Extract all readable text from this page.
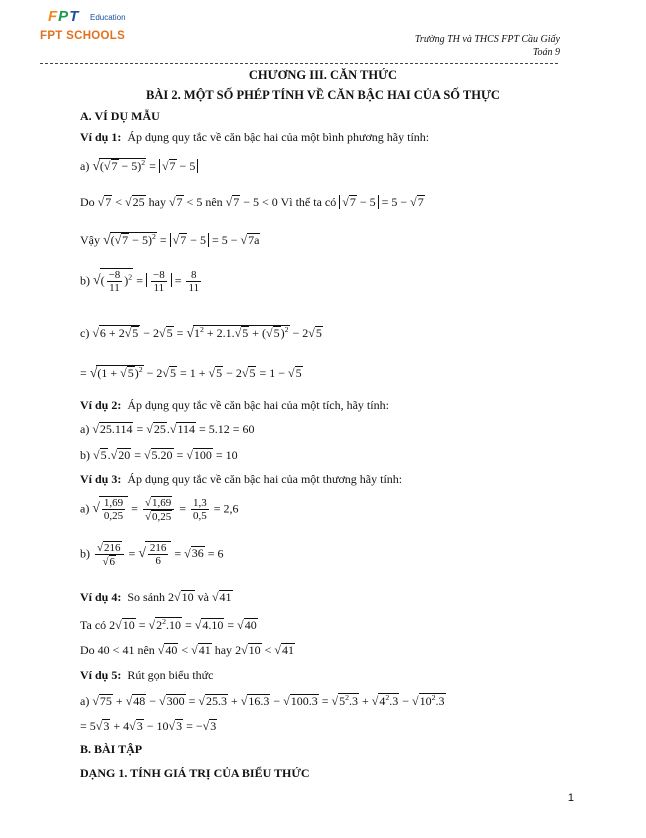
FPT Education
FPT SCHOOLS	Trường TH và THCS FPT Cầu Giấy
Toán 9
CHƯƠNG III. CĂN THỨC
BÀI 2. MỘT SỐ PHÉP TÍNH VỀ CĂN BẬC HAI CỦA SỐ THỰC
A. VÍ DỤ MẪU
Ví dụ 1: Áp dụng quy tắc về căn bậc hai của một bình phương hãy tính:
a) $√(√7 - 5)^2 = √7 - 5$
Do √7 < √25 hay √7 < 5 nên √7 − 5 < 0 Vì thế ta có √7 − 5 = 5 − √7
Vậy $√(√7 - 5)^2 = √7 - 5 = 5 - √7a$
b) √( $\frac{-8}{11} )^2 = \frac{-8}{11} = \frac{8}{11}$
c) $√6 + 2√5 - 2√5 = √1^2 + 2.1.√5 + (√5)^2 - 2√5$
= $√(1 + √5)^2 - 2√5 = 1 + √5 - 2√5 = 1 - √5$
Ví dụ 2: Áp dụng quy tắc về căn bậc hai của một tích, hãy tính:
a) √25.114 = √25.√114 = 5.12 = 60
b) √5.√20 = √5.20 = √100 = 10
Ví dụ 3: Áp dụng quy tắc về căn bậc hai của một thương hãy tính:
a) √ $\frac{1,69}{0,25} = \frac{√1,69}{√0,25} = \frac{1,3}{0,5} = 2,6$
$b) \frac{√216}{√6}$ = √ $\frac{216}{6} = √36 = 6$
Ví dụ 4: So sánh 2√10 và √41
Ta có $2√10 = √2^2.10 = √4.10 = √40$
Do 40 < 41 nên √40 < √41 hay 2√10 < √41
Ví dụ 5: Rút gọn biểu thức
a) $√75 + √48 - √300 = √25.3 + √16.3 - √100.3 = √5^2.3 + √4^2.3 - √10^2.3$
= 5√3 + 4√3 − 10√3 = −√3
B. BÀI TẬP
DẠNG 1. TÍNH GIÁ TRỊ CỦA BIỂU THỨC
1
